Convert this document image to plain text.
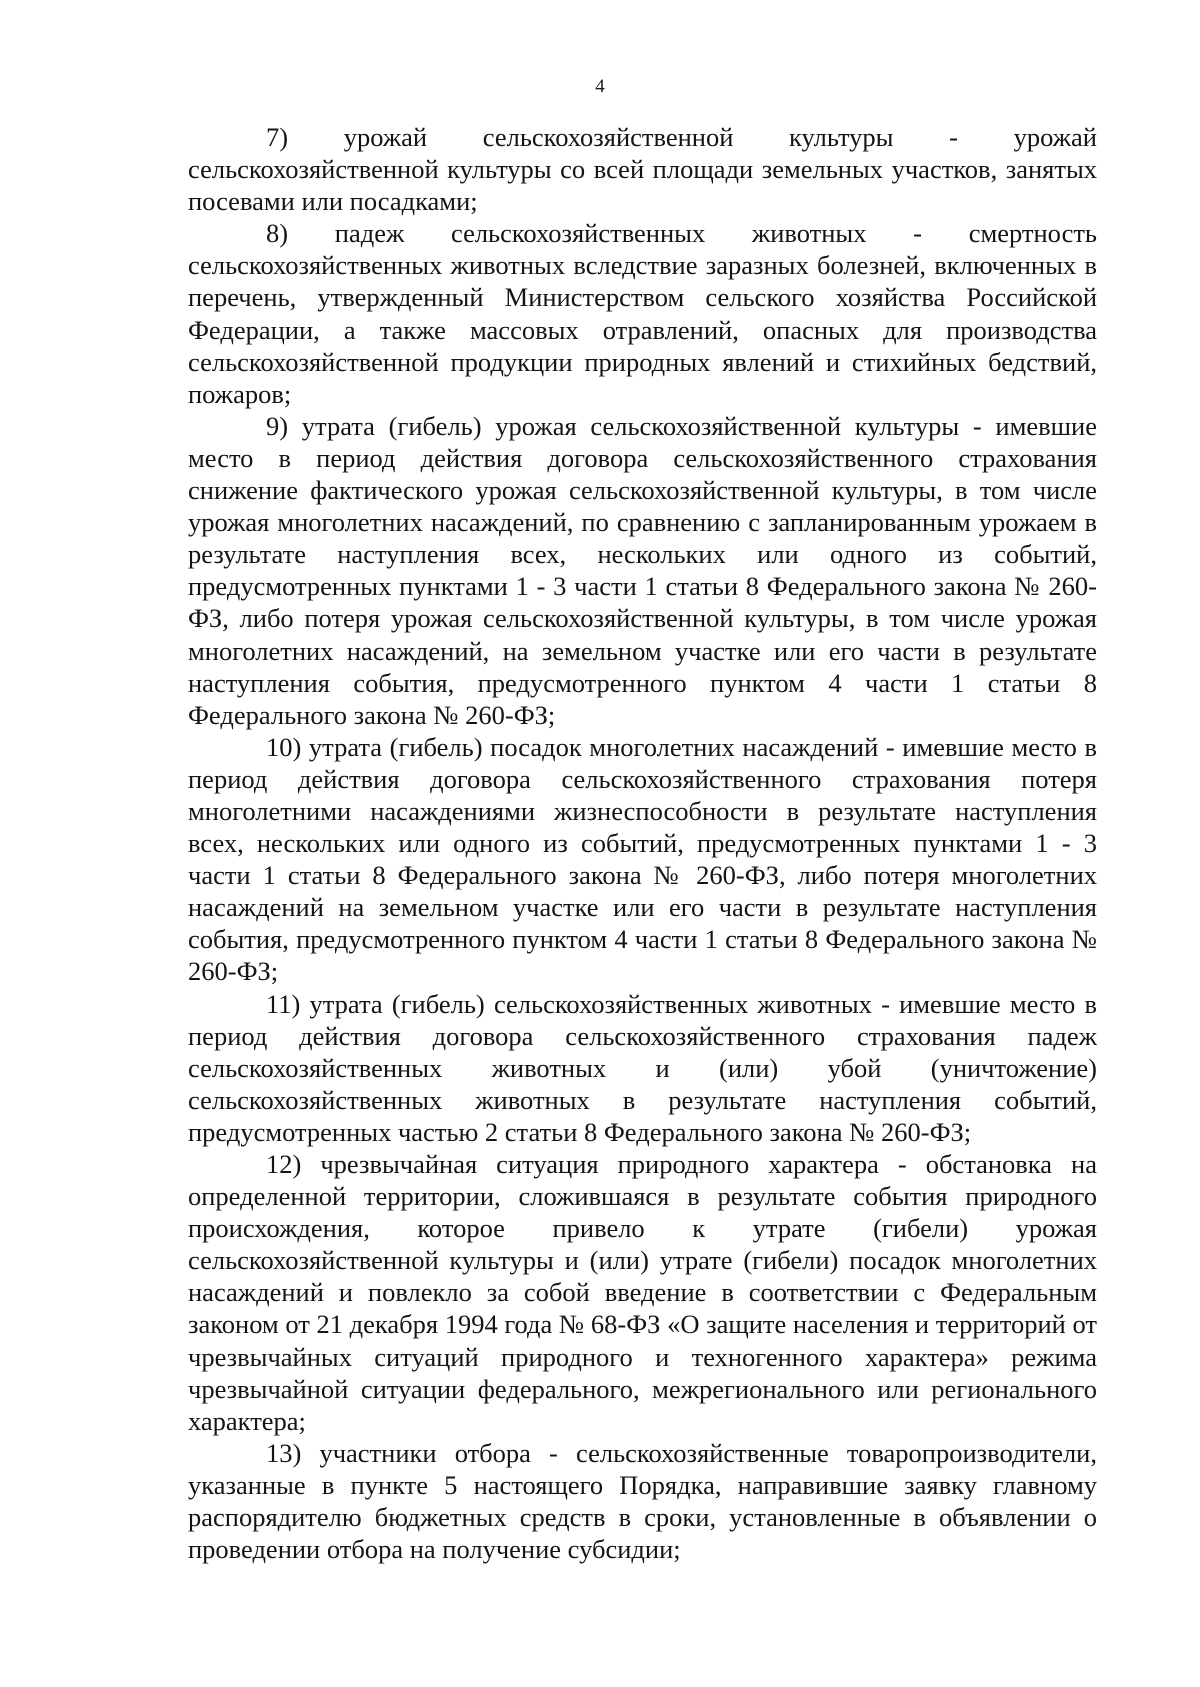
4

7) урожай сельскохозяйственной культуры - урожай сельскохозяйственной культуры со всей площади земельных участков, занятых посевами или посадками;

8) падеж сельскохозяйственных животных - смертность сельскохозяйственных животных вследствие заразных болезней, включенных в перечень, утвержденный Министерством сельского хозяйства Российской Федерации, а также массовых отравлений, опасных для производства сельскохозяйственной продукции природных явлений и стихийных бедствий, пожаров;

9) утрата (гибель) урожая сельскохозяйственной культуры - имевшие место в период действия договора сельскохозяйственного страхования снижение фактического урожая сельскохозяйственной культуры, в том числе урожая многолетних насаждений, по сравнению с запланированным урожаем в результате наступления всех, нескольких или одного из событий, предусмотренных пунктами 1 - 3 части 1 статьи 8 Федерального закона № 260-ФЗ, либо потеря урожая сельскохозяйственной культуры, в том числе урожая многолетних насаждений, на земельном участке или его части в результате наступления события, предусмотренного пунктом 4 части 1 статьи 8 Федерального закона № 260-ФЗ;

10) утрата (гибель) посадок многолетних насаждений - имевшие место в период действия договора сельскохозяйственного страхования потеря многолетними насаждениями жизнеспособности в результате наступления всех, нескольких или одного из событий, предусмотренных пунктами 1 - 3 части 1 статьи 8 Федерального закона № 260-ФЗ, либо потеря многолетних насаждений на земельном участке или его части в результате наступления события, предусмотренного пунктом 4 части 1 статьи 8 Федерального закона № 260-ФЗ;

11) утрата (гибель) сельскохозяйственных животных - имевшие место в период действия договора сельскохозяйственного страхования падеж сельскохозяйственных животных и (или) убой (уничтожение) сельскохозяйственных животных в результате наступления событий, предусмотренных частью 2 статьи 8 Федерального закона № 260-ФЗ;

12) чрезвычайная ситуация природного характера - обстановка на определенной территории, сложившаяся в результате события природного происхождения, которое привело к утрате (гибели) урожая сельскохозяйственной культуры и (или) утрате (гибели) посадок многолетних насаждений и повлекло за собой введение в соответствии с Федеральным законом от 21 декабря 1994 года № 68-ФЗ «О защите населения и территорий от чрезвычайных ситуаций природного и техногенного характера» режима чрезвычайной ситуации федерального, межрегионального или регионального характера;

13) участники отбора - сельскохозяйственные товаропроизводители, указанные в пункте 5 настоящего Порядка, направившие заявку главному распорядителю бюджетных средств в сроки, установленные в объявлении о проведении отбора на получение субсидии;
